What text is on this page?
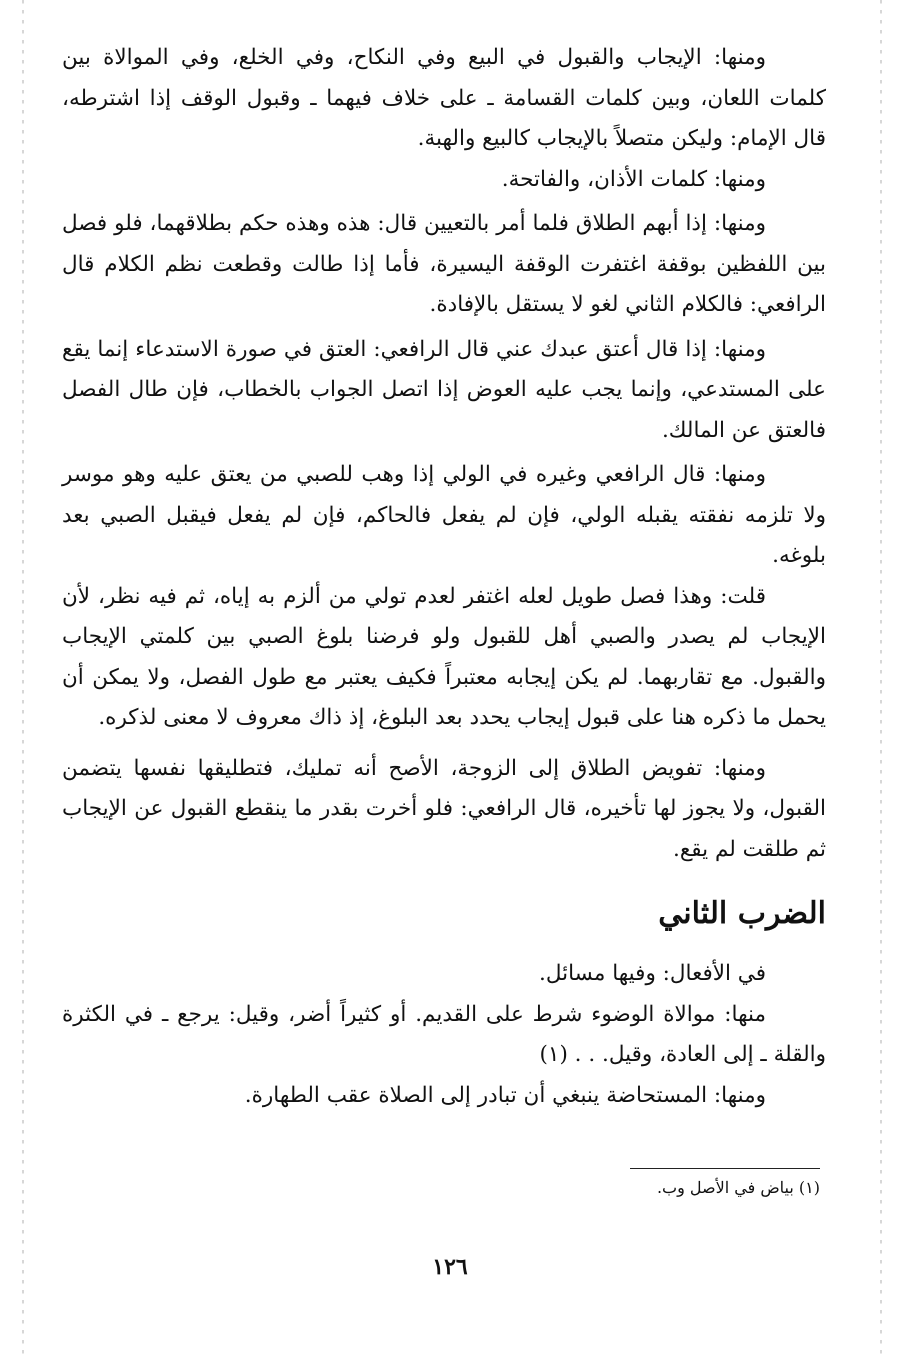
ومنها: الإيجاب والقبول في البيع وفي النكاح، وفي الخلع، وفي الموالاة بين كلمات اللعان، وبين كلمات القسامة ـ على خلاف فيهما ـ وقبول الوقف إذا اشترطه، قال الإمام: وليكن متصلاً بالإيجاب كالبيع والهبة.

ومنها: كلمات الأذان، والفاتحة.

ومنها: إذا أبهم الطلاق فلما أمر بالتعيين قال: هذه وهذه حكم بطلاقهما، فلو فصل بين اللفظين بوقفة اغتفرت الوقفة اليسيرة، فأما إذا طالت وقطعت نظم الكلام قال الرافعي: فالكلام الثاني لغو لا يستقل بالإفادة.

ومنها: إذا قال أعتق عبدك عني قال الرافعي: العتق في صورة الاستدعاء إنما يقع على المستدعي، وإنما يجب عليه العوض إذا اتصل الجواب بالخطاب، فإن طال الفصل فالعتق عن المالك.

ومنها: قال الرافعي وغيره في الولي إذا وهب للصبي من يعتق عليه وهو موسر ولا تلزمه نفقته يقبله الولي، فإن لم يفعل فالحاكم، فإن لم يفعل فيقبل الصبي بعد بلوغه.

قلت: وهذا فصل طويل لعله اغتفر لعدم تولي من ألزم به إياه، ثم فيه نظر، لأن الإيجاب لم يصدر والصبي أهل للقبول ولو فرضنا بلوغ الصبي بين كلمتي الإيجاب والقبول. مع تقاربهما. لم يكن إيجابه معتبراً فكيف يعتبر مع طول الفصل، ولا يمكن أن يحمل ما ذكره هنا على قبول إيجاب يحدد بعد البلوغ، إذ ذاك معروف لا معنى لذكره.

ومنها: تفويض الطلاق إلى الزوجة، الأصح أنه تمليك، فتطليقها نفسها يتضمن القبول، ولا يجوز لها تأخيره، قال الرافعي: فلو أخرت بقدر ما ينقطع القبول عن الإيجاب ثم طلقت لم يقع.

الضرب الثاني

في الأفعال: وفيها مسائل.

منها: موالاة الوضوء شرط على القديم. أو كثيراً أضر، وقيل: يرجع ـ في الكثرة والقلة ـ إلى العادة، وقيل. . . (١)

ومنها: المستحاضة ينبغي أن تبادر إلى الصلاة عقب الطهارة.

(١) بياض في الأصل وب.
١٢٦
